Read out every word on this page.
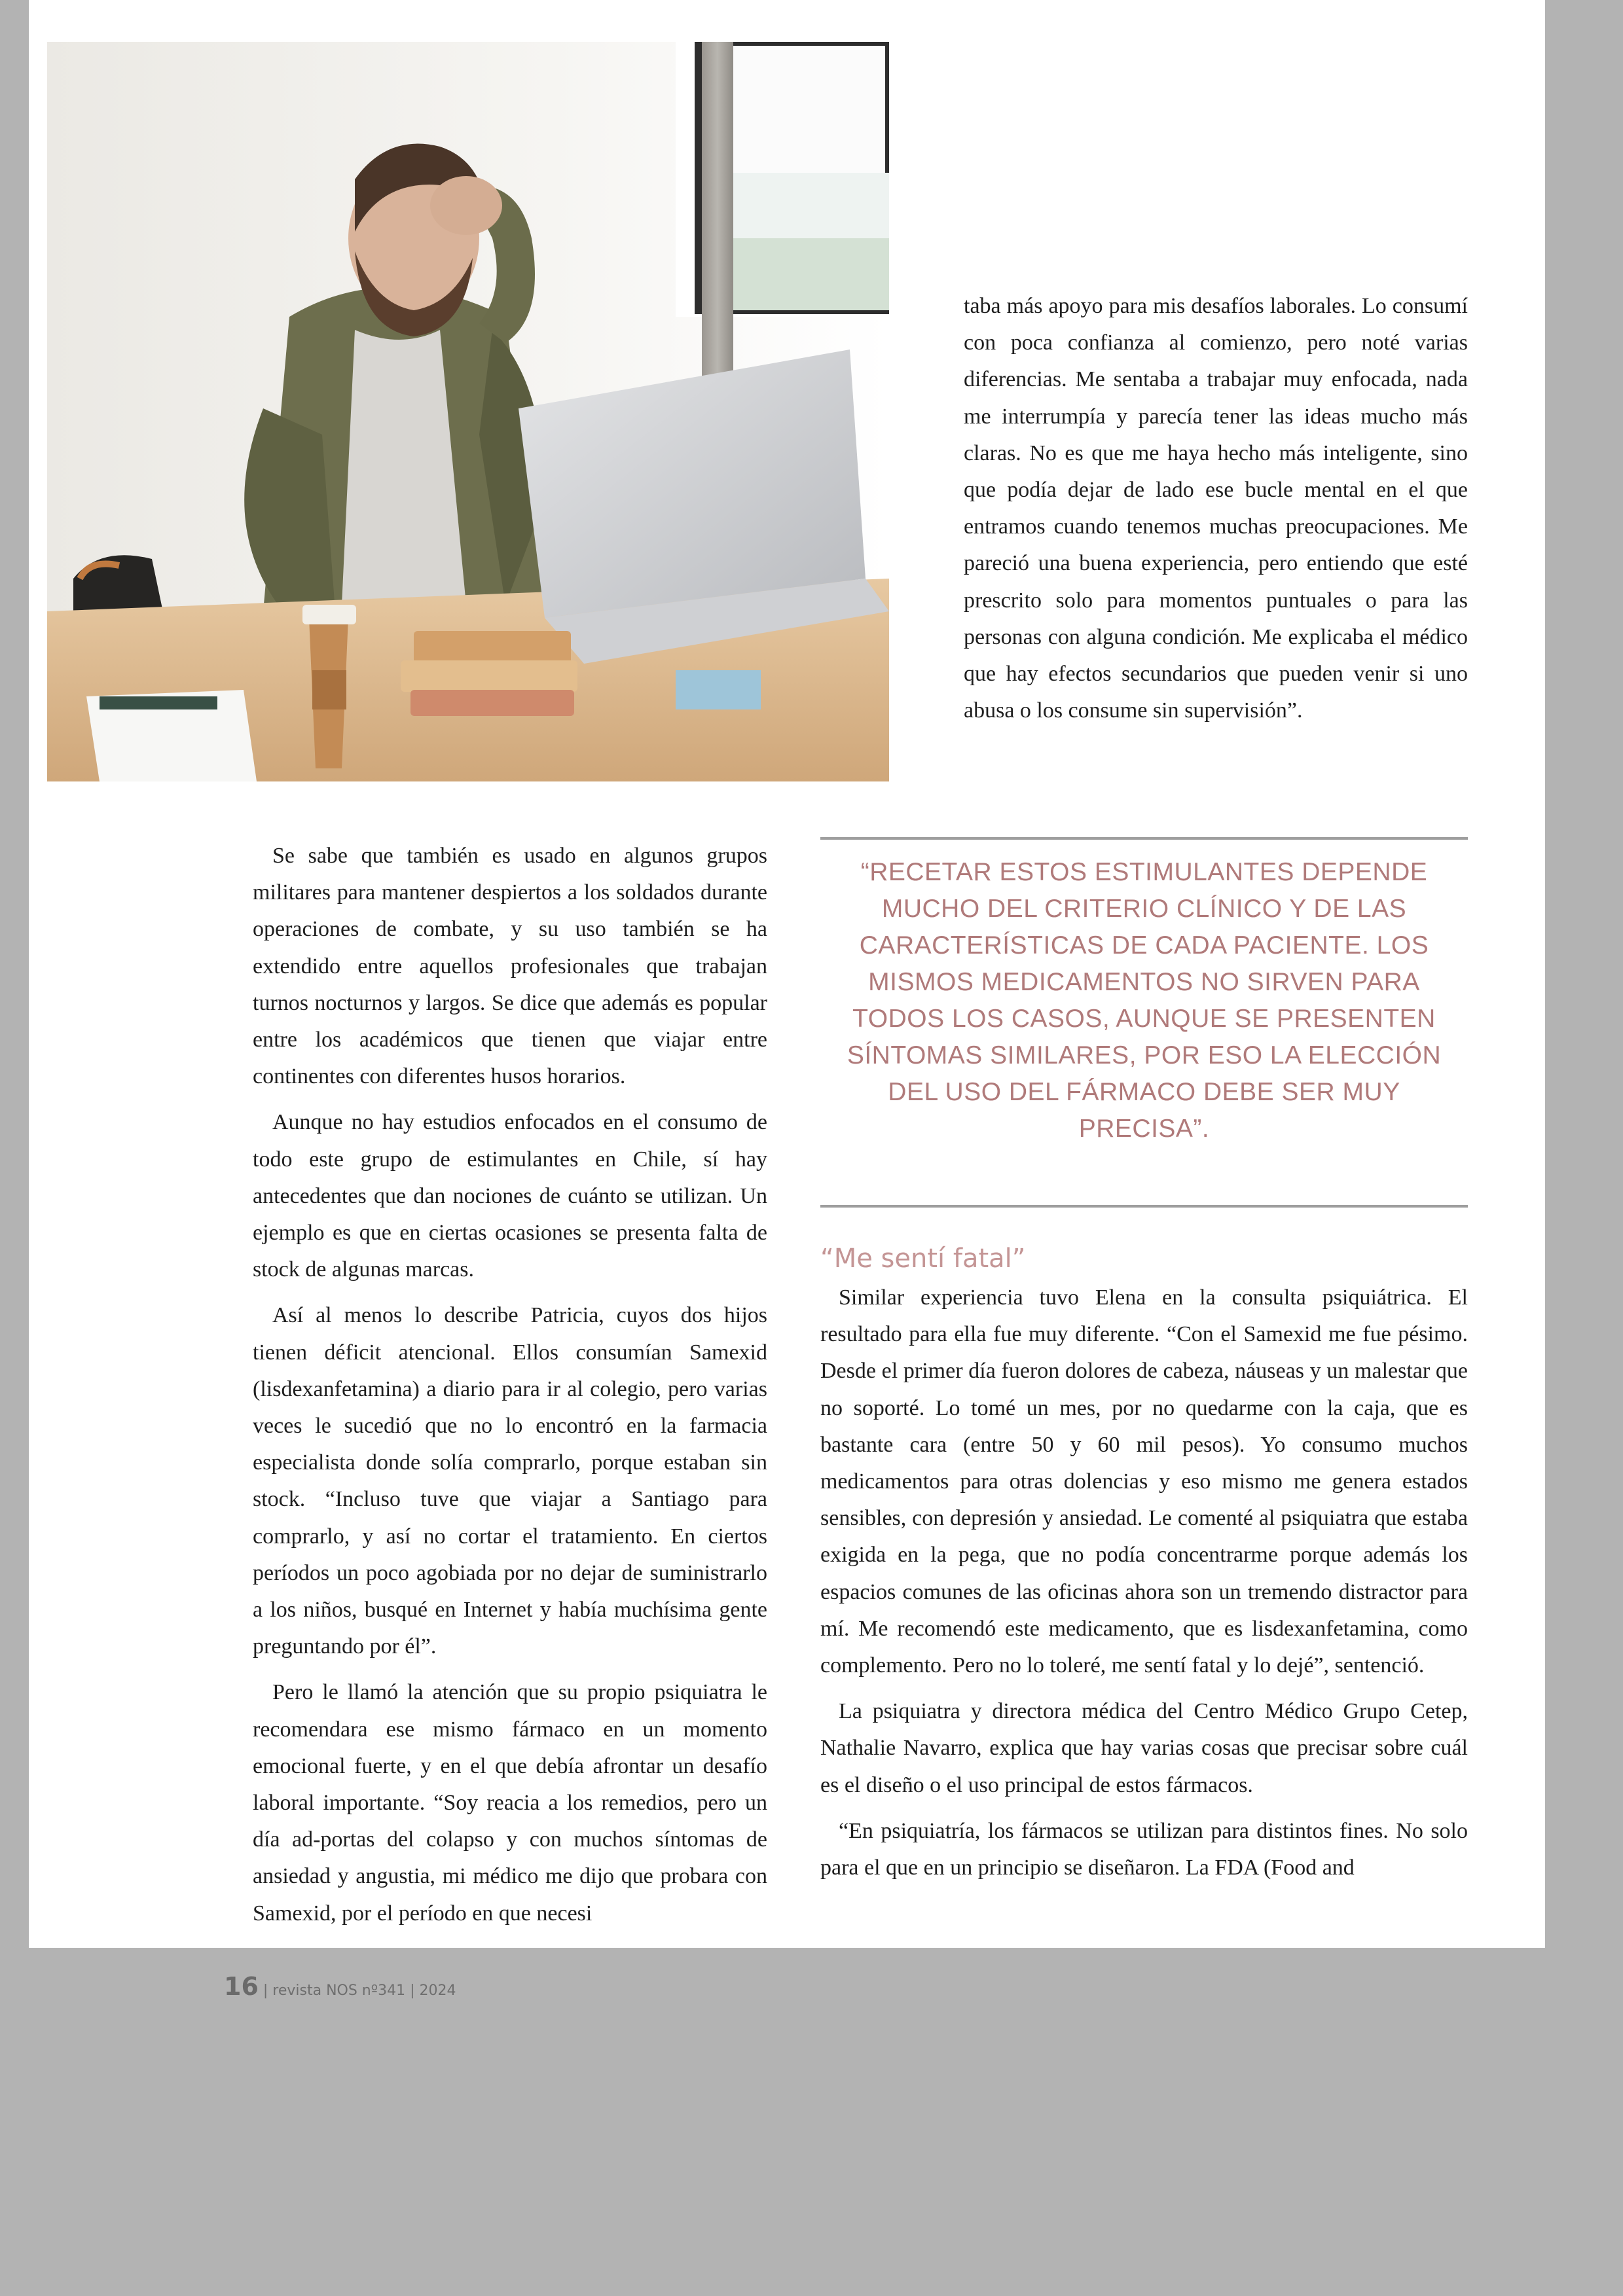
taba más apoyo para mis desafíos laborales. Lo consumí con poca confianza al comienzo, pero noté varias diferencias. Me sentaba a trabajar muy enfocada, nada me interrumpía y parecía tener las ideas mucho más claras. No es que me haya hecho más inteligente, sino que podía dejar de lado ese bucle mental en el que entramos cuando tenemos muchas preocupaciones. Me pareció una buena experiencia, pero entiendo que esté prescrito solo para momentos puntuales o para las personas con alguna condición. Me explicaba el médico que hay efectos secundarios que pueden venir si uno abusa o los consume sin supervisión”.

Se sabe que también es usado en algunos grupos militares para mantener despiertos a los soldados durante operaciones de combate, y su uso también se ha extendido entre aquellos profesionales que trabajan turnos nocturnos y largos. Se dice que además es popular entre los académicos que tienen que viajar entre continentes con diferentes husos horarios.

Aunque no hay estudios enfocados en el consumo de todo este grupo de estimulantes en Chile, sí hay antecedentes que dan nociones de cuánto se utilizan. Un ejemplo es que en ciertas ocasiones se presenta falta de stock de algunas marcas.

Así al menos lo describe Patricia, cuyos dos hijos tienen déficit atencional. Ellos consumían Samexid (lisdexanfetamina) a diario para ir al colegio, pero varias veces le sucedió que no lo encontró en la farmacia especialista donde solía comprarlo, porque estaban sin stock. “Incluso tuve que viajar a Santiago para comprarlo, y así no cortar el tratamiento. En ciertos períodos un poco agobiada por no dejar de suministrarlo a los niños, busqué en Internet y había muchísima gente preguntando por él”.

Pero le llamó la atención que su propio psiquiatra le recomendara ese mismo fármaco en un momento emocional fuerte, y en el que debía afrontar un desafío laboral importante. “Soy reacia a los remedios, pero un día ad-portas del colapso y con muchos síntomas de ansiedad y angustia, mi médico me dijo que probara con Samexid, por el período en que necesi

“RECETAR ESTOS ESTIMULANTES DEPENDE MUCHO DEL CRITERIO CLÍNICO Y DE LAS CARACTERÍSTICAS DE CADA PACIENTE. LOS MISMOS MEDICAMENTOS NO SIRVEN PARA TODOS LOS CASOS, AUNQUE SE PRESENTEN SÍNTOMAS SIMILARES, POR ESO LA ELECCIÓN DEL USO DEL FÁRMACO DEBE SER MUY PRECISA”.
“Me sentí fatal”

Similar experiencia tuvo Elena en la consulta psiquiátrica. El resultado para ella fue muy diferente. “Con el Samexid me fue pésimo. Desde el primer día fueron dolores de cabeza, náuseas y un malestar que no soporté. Lo tomé un mes, por no quedarme con la caja, que es bastante cara (entre 50 y 60 mil pesos). Yo consumo muchos medicamentos para otras dolencias y eso mismo me genera estados sensibles, con depresión y ansiedad. Le comenté al psiquiatra que estaba exigida en la pega, que no podía concentrarme porque además los espacios comunes de las oficinas ahora son un tremendo distractor para mí. Me recomendó este medicamento, que es lisdexanfetamina, como complemento. Pero no lo toleré, me sentí fatal y lo dejé”, sentenció.

La psiquiatra y directora médica del Centro Médico Grupo Cetep, Nathalie Navarro, explica que hay varias cosas que precisar sobre cuál es el diseño o el uso principal de estos fármacos.

“En psiquiatría, los fármacos se utilizan para distintos fines. No solo para el que en un principio se diseñaron. La FDA (Food and

16 | revista NOS nº341 | 2024
